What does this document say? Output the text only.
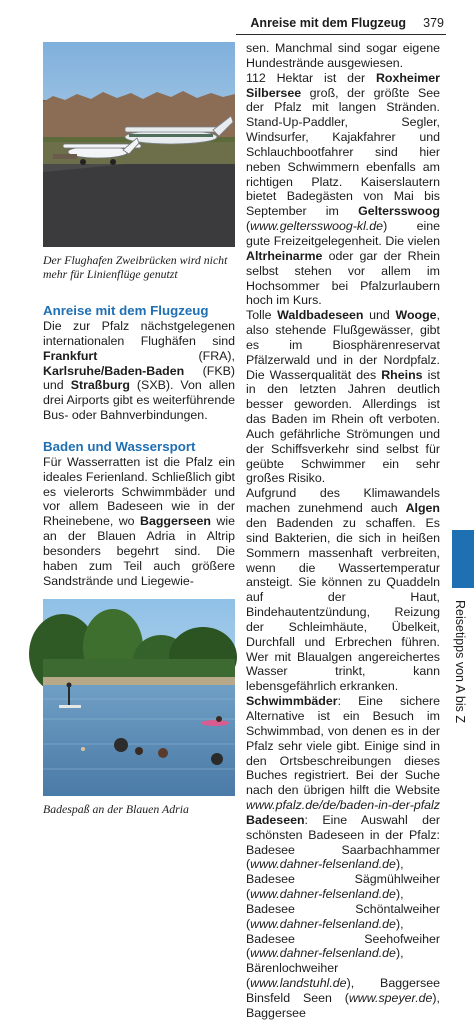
Anreise mit dem Flugzeug 379
Der Flughafen Zweibrücken wird nicht mehr für Linienflüge genutzt
Anreise mit dem Flugzeug

Die zur Pfalz nächstgelegenen internationalen Flughäfen sind Frankfurt (FRA), Karlsruhe/Baden-Baden (FKB) und Straßburg (SXB). Von allen drei Airports gibt es weiterführende Bus- oder Bahnverbindungen.

Baden und Wassersport

Für Wasserratten ist die Pfalz ein ideales Ferienland. Schließlich gibt es vielerorts Schwimmbäder und vor allem Badeseen wie in der Rheinebene, wo Baggerseen wie an der Blauen Adria in Altrip besonders begehrt sind. Die haben zum Teil auch größere Sandstrände und Liegewie-

Badespaß an der Blauen Adria

sen. Manchmal sind sogar eigene Hundestrände ausgewiesen.

112 Hektar ist der Roxheimer Silbersee groß, der größte See der Pfalz mit langen Stränden. Stand-Up-Paddler, Segler, Windsurfer, Kajakfahrer und Schlauchbootfahrer sind hier neben Schwimmern ebenfalls am richtigen Platz. Kaiserslautern bietet Badegästen von Mai bis September im Geltersswoog (www.geltersswoog-kl.de) eine gute Freizeitgelegenheit. Die vielen Altrheinarme oder gar der Rhein selbst stehen vor allem im Hochsommer bei Pfalzurlaubern hoch im Kurs.

Tolle Waldbadeseen und Wooge, also stehende Flußgewässer, gibt es im Biosphärenreservat Pfälzerwald und in der Nordpfalz. Die Wasserqualität des Rheins ist in den letzten Jahren deutlich besser geworden. Allerdings ist das Baden im Rhein oft verboten. Auch gefährliche Strömungen und der Schiffsverkehr sind selbst für geübte Schwimmer ein sehr großes Risiko.

Aufgrund des Klimawandels machen zunehmend auch Algen den Badenden zu schaffen. Es sind Bakterien, die sich in heißen Sommern massenhaft verbreiten, wenn die Wassertemperatur ansteigt. Sie können zu Quaddeln auf der Haut, Bindehautentzündung, Reizung der Schleimhäute, Übelkeit, Durchfall und Erbrechen führen. Wer mit Blaualgen angereichertes Wasser trinkt, kann lebensgefährlich erkranken.

Schwimmbäder: Eine sichere Alternative ist ein Besuch im Schwimmbad, von denen es in der Pfalz sehr viele gibt. Einige sind in den Ortsbeschreibungen dieses Buches registriert. Bei der Suche nach den übrigen hilft die Website www.pfalz.de/de/baden-in-der-pfalz

Badeseen: Eine Auswahl der schönsten Badeseen in der Pfalz: Badesee Saarbachhammer (www.dahner-felsenland.de), Badesee Sägmühlweiher (www.dahner-felsenland.de), Badesee Schöntalweiher (www.dahner-felsenland.de), Badesee Seehofweiher (www.dahner-felsenland.de), Bärenlochweiher (www.landstuhl.de), Baggersee Binsfeld Seen (www.speyer.de), Baggersee

Reisetipps von A bis Z
